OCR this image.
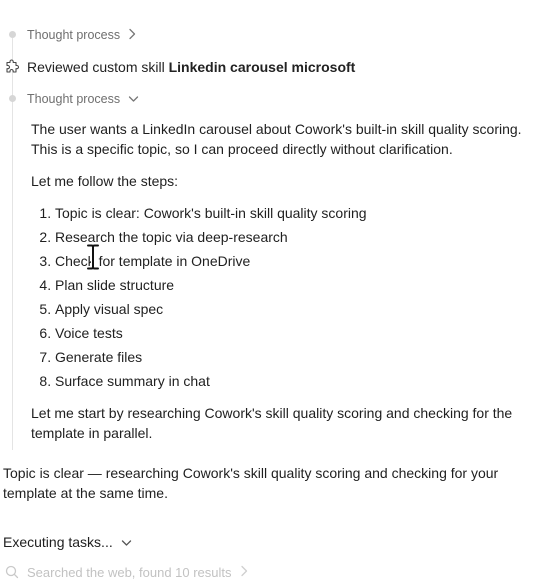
Thought process
Reviewed custom skill
Linkedin carousel microsoft
Thought process

The user wants a LinkedIn carousel about Cowork's built-in skill quality scoring. This is a specific topic, so I can proceed directly without clarification.

Let me follow the steps:

1. Topic is clear: Cowork's built-in skill quality scoring
2. Research the topic via deep-research
3. Check for template in OneDrive
4. Plan slide structure
5. Apply visual spec
6. Voice tests
7. Generate files
8. Surface summary in chat

Let me start by researching Cowork's skill quality scoring and checking for the template in parallel.

Topic is clear — researching Cowork's skill quality scoring and checking for your template at the same time.

Executing tasks...
Searched the web, found 10 results
